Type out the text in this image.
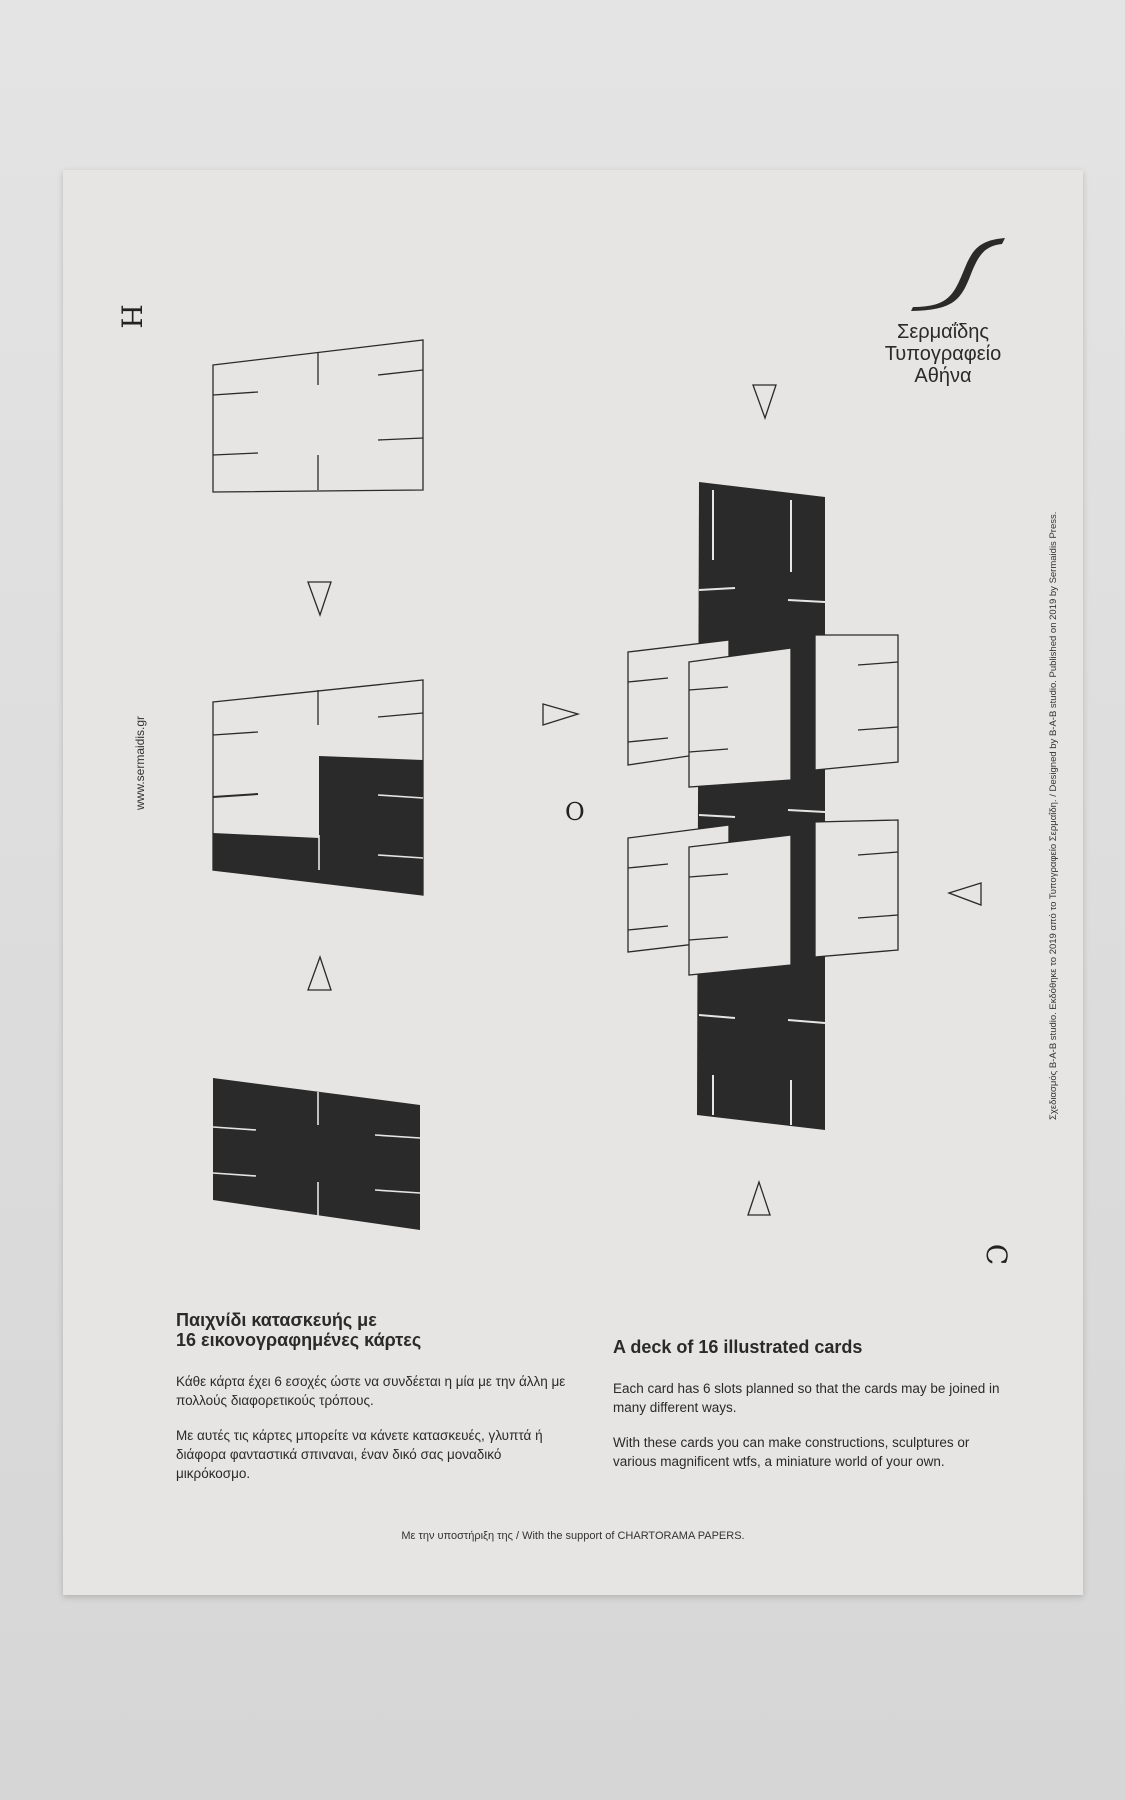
Σερμαΐδης
Τυπογραφείο
Αθήνα
H
O
C
www.sermaidis.gr	Σχεδιασμός B-A-B studio. Εκδόθηκε το 2019 από το Τυπογραφείο Σερμαΐδη. / Designed by B-A-B studio. Published on 2019 by Sermaidis Press.
Παιχνίδι κατασκευής με
16 εικονογραφημένες κάρτες

Κάθε κάρτα έχει 6 εσοχές ώστε να συνδέεται η μία με την άλλη με πολλούς διαφορετικούς τρόπους.

Με αυτές τις κάρτες μπορείτε να κάνετε κατασκευές, γλυπτά ή διάφορα φανταστικά σπιναναι, έναν δικό σας μοναδικό μικρόκοσμο.

A deck of 16 illustrated cards

Each card has 6 slots planned so that the cards may be joined in many different ways.

With these cards you can make constructions, sculptures or various magnificent wtfs, a miniature world of your own.

Με την υποστήριξη της / With the support of CHARTORAMA PAPERS.
